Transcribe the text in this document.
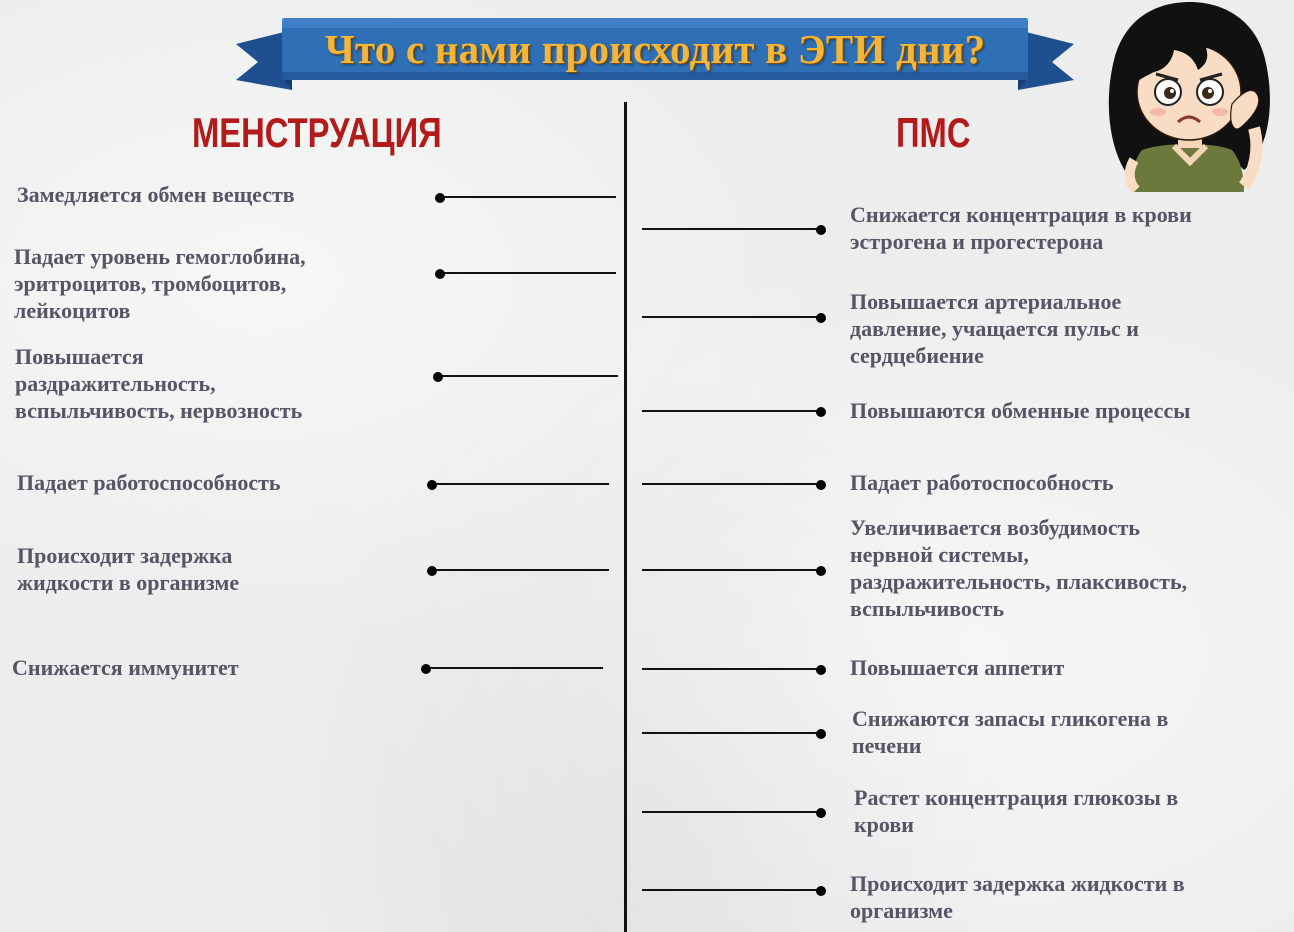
Что с нами происходит в ЭТИ дни?
МЕНСТРУАЦИЯ	ПМС
Замедляется обмен веществ
Падает уровень гемоглобина,
эритроцитов, тромбоцитов,
лейкоцитов
Повышается
раздражительность,
вспыльчивость, нервозность
Падает работоспособность
Происходит задержка
жидкости в организме
Снижается иммунитет
Снижается концентрация в крови
эстрогена и прогестерона
Повышается артериальное
давление, учащается пульс и
сердцебиение
Повышаются обменные процессы
Падает работоспособность
Увеличивается возбудимость
нервной системы,
раздражительность, плаксивость,
вспыльчивость
Повышается аппетит
Снижаются запасы гликогена в
печени
Растет концентрация глюкозы в
крови
Происходит задержка жидкости в
организме
